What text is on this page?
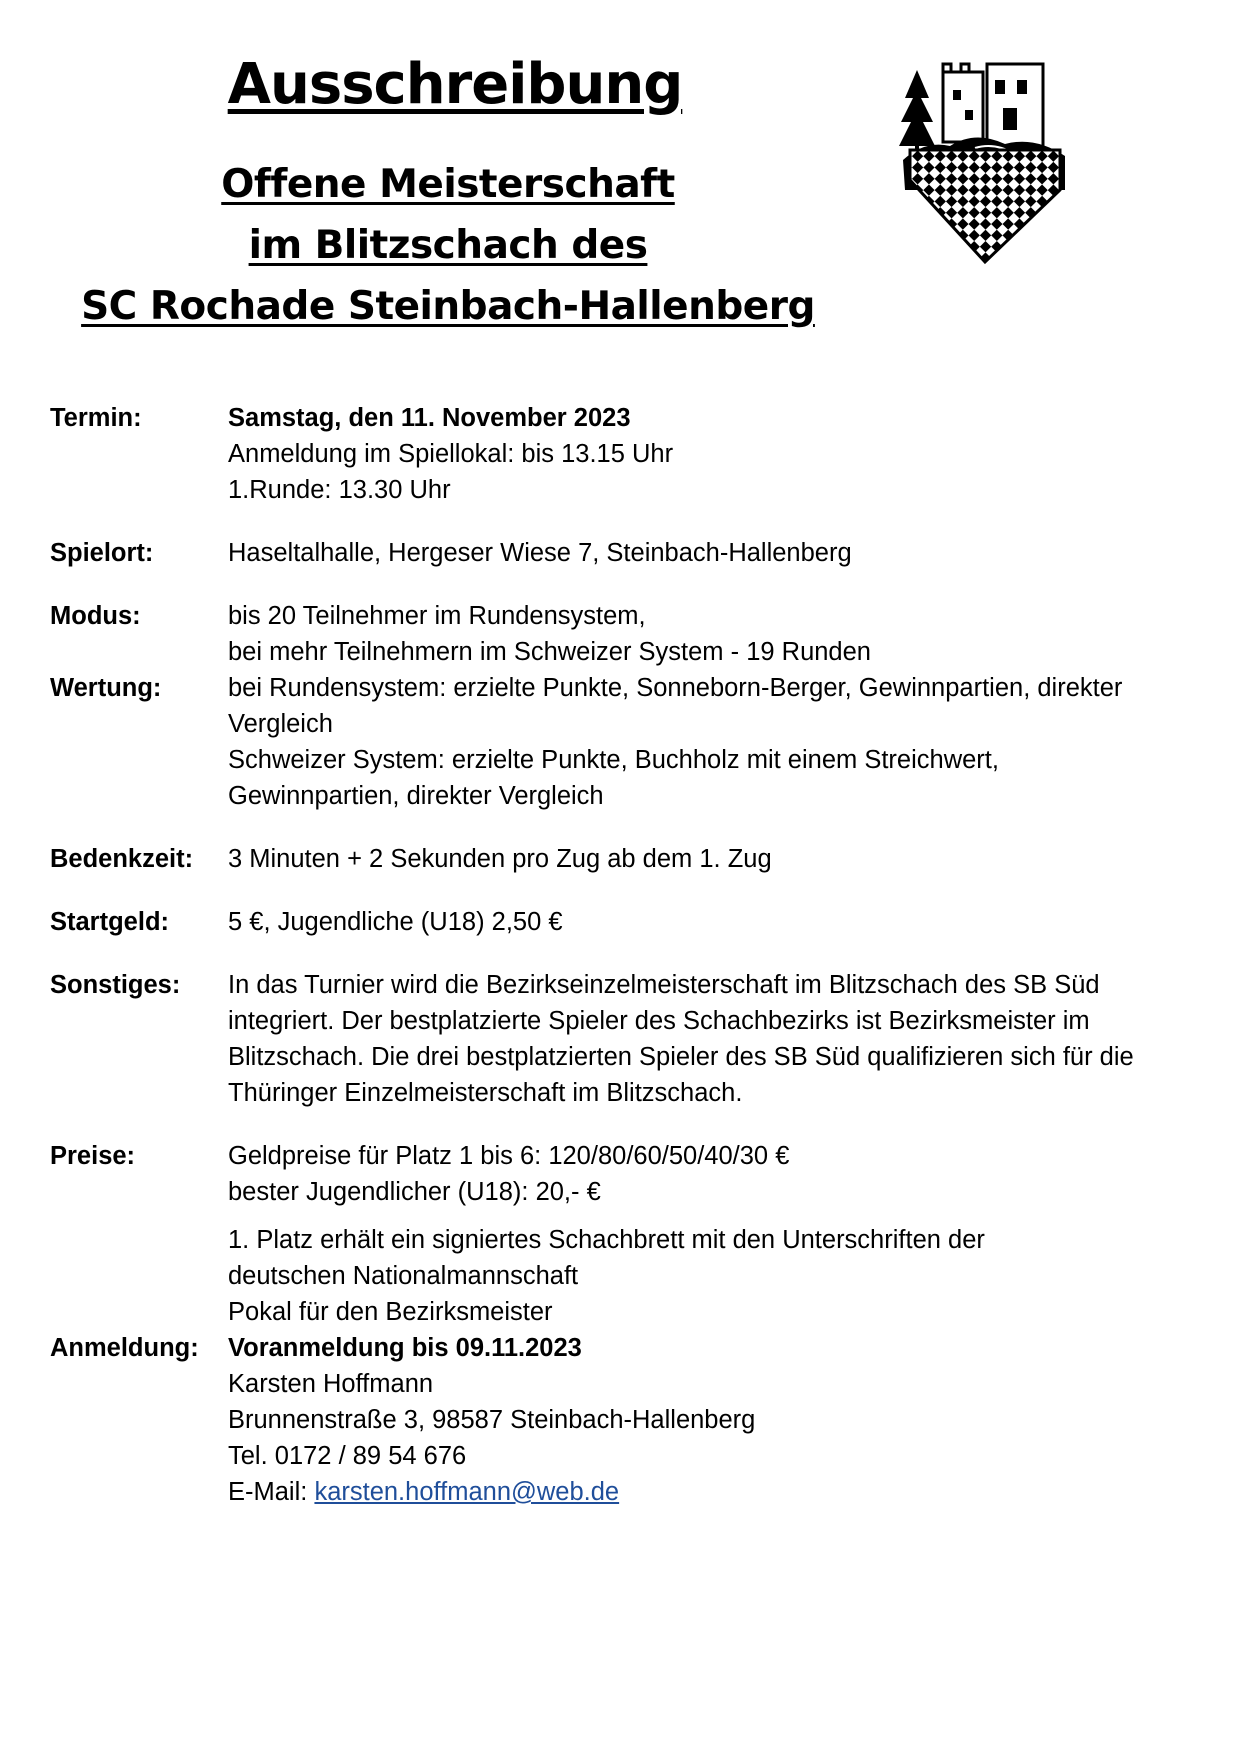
Ausschreibung
Offene Meisterschaft
im Blitzschach des
SC Rochade Steinbach-Hallenberg
Termin:	Samstag, den 11. November 2023
Anmeldung im Spiellokal: bis 13.15 Uhr
1.Runde: 13.30 Uhr
Spielort:	Haseltalhalle, Hergeser Wiese 7, Steinbach-Hallenberg
Modus:	bis 20 Teilnehmer im Rundensystem,
bei mehr Teilnehmern im Schweizer System - 19 Runden
Wertung:	bei Rundensystem: erzielte Punkte, Sonneborn-Berger, Gewinnpartien, direkter
Vergleich
Schweizer System: erzielte Punkte, Buchholz mit einem Streichwert,
Gewinnpartien, direkter Vergleich
Bedenkzeit:	3 Minuten + 2 Sekunden pro Zug ab dem 1. Zug
Startgeld:	5 €, Jugendliche (U18) 2,50 €
Sonstiges:	In das Turnier wird die Bezirkseinzelmeisterschaft im Blitzschach des SB Süd
integriert. Der bestplatzierte Spieler des Schachbezirks ist Bezirksmeister im
Blitzschach. Die drei bestplatzierten Spieler des SB Süd qualifizieren sich für die
Thüringer Einzelmeisterschaft im Blitzschach.
Preise:	Geldpreise für Platz 1 bis 6: 120/80/60/50/40/30 €
bester Jugendlicher (U18): 20,- €
1. Platz erhält ein signiertes Schachbrett mit den Unterschriften der
deutschen Nationalmannschaft
Pokal für den Bezirksmeister
Anmeldung:	Voranmeldung bis 09.11.2023
Karsten Hoffmann
Brunnenstraße 3, 98587 Steinbach-Hallenberg
Tel. 0172 / 89 54 676
E-Mail: karsten.hoffmann@web.de
